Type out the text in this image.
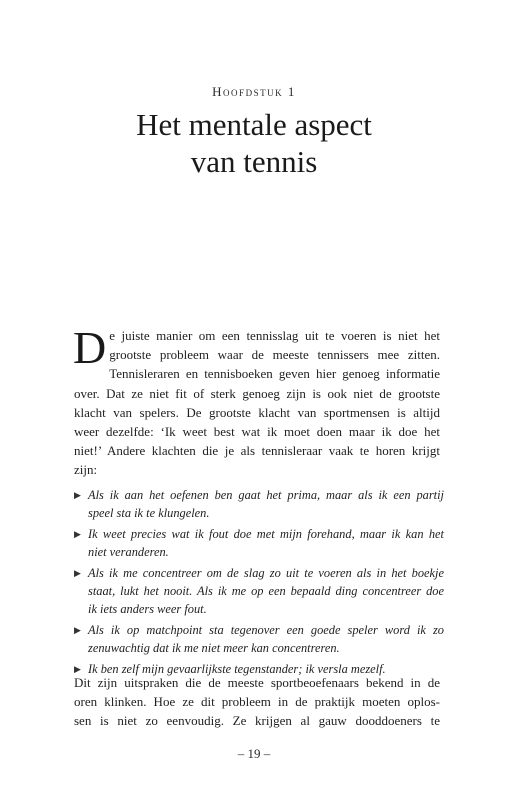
Hoofdstuk 1
Het mentale aspect
van tennis
D e juiste manier om een tennisslag uit te voeren is niet het
grootste probleem waar de meeste tennissers mee zitten.
Tennisleraren en tennisboeken geven hier genoeg informatie
over. Dat ze niet fit of sterk genoeg zijn is ook niet de grootste
klacht van spelers. De grootste klacht van sportmensen is altijd
weer dezelfde: ‘Ik weet best wat ik moet doen maar ik doe het
niet!’ Andere klachten die je als tennisleraar vaak te horen krijgt
zijn:
▶ Als ik aan het oefenen ben gaat het prima, maar als ik een partij
speel sta ik te klungelen.
▶ Ik weet precies wat ik fout doe met mijn forehand, maar ik kan het
niet veranderen.
▶ Als ik me concentreer om de slag zo uit te voeren als in het boekje
staat, lukt het nooit. Als ik me op een bepaald ding concentreer doe
ik iets anders weer fout.
▶ Als ik op matchpoint sta tegenover een goede speler word ik zo
zenuwachtig dat ik me niet meer kan concentreren.
▶ Ik ben zelf mijn gevaarlijkste tegenstander; ik versla mezelf.
Dit zijn uitspraken die de meeste sportbeoefenaars bekend in de
oren klinken. Hoe ze dit probleem in de praktijk moeten oplos-
sen is niet zo eenvoudig. Ze krijgen al gauw dooddoeners te
– 19 –
